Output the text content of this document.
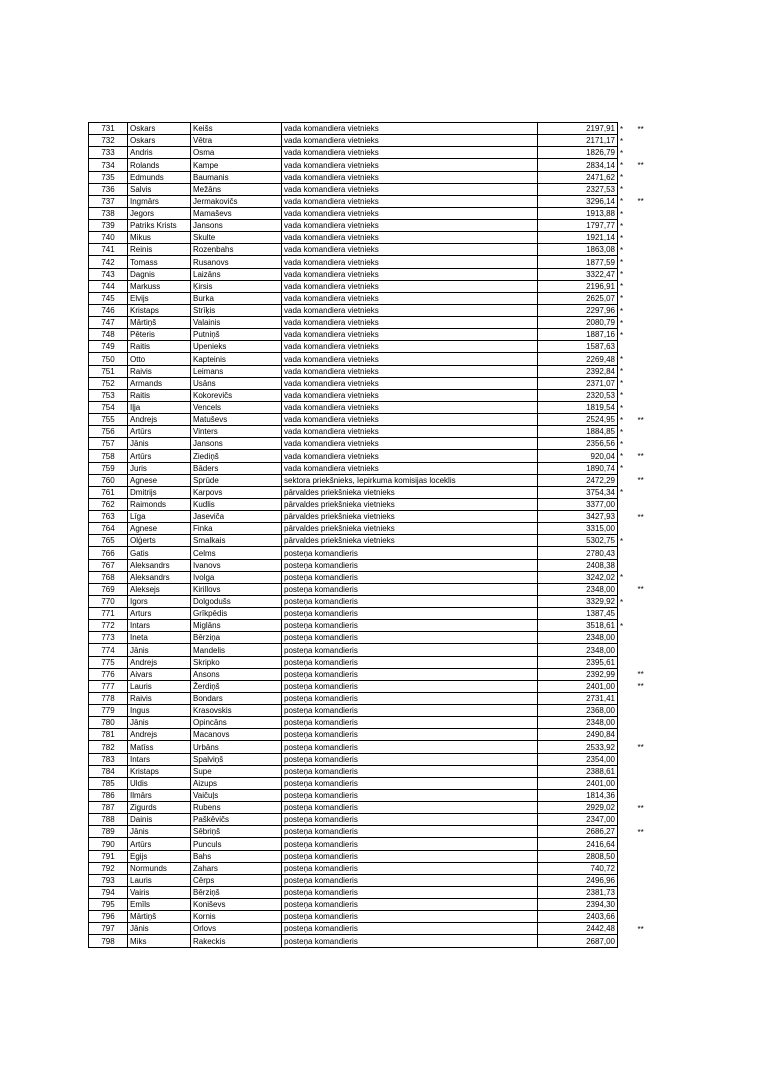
731	Oskars	Keišs	vada komandiera vietnieks	2197,91	*	**
732	Oskars	Vētra	vada komandiera vietnieks	2171,17	*	
733	Andris	Osma	vada komandiera vietnieks	1826,79	*	
734	Rolands	Kampe	vada komandiera vietnieks	2834,14	*	**
735	Edmunds	Baumanis	vada komandiera vietnieks	2471,62	*	
736	Salvis	Mežāns	vada komandiera vietnieks	2327,53	*	
737	Ingmārs	Jermakovičs	vada komandiera vietnieks	3296,14	*	**
738	Jegors	Mamaševs	vada komandiera vietnieks	1913,88	*	
739	Patriks Krists	Jansons	vada komandiera vietnieks	1797,77	*	
740	Mikus	Skulte	vada komandiera vietnieks	1921,14	*	
741	Reinis	Rozenbahs	vada komandiera vietnieks	1863,08	*	
742	Tomass	Rusanovs	vada komandiera vietnieks	1877,59	*	
743	Dagnis	Laizāns	vada komandiera vietnieks	3322,47	*	
744	Markuss	Ķirsis	vada komandiera vietnieks	2196,91	*	
745	Elvijs	Burka	vada komandiera vietnieks	2625,07	*	
746	Kristaps	Strīķis	vada komandiera vietnieks	2297,96	*	
747	Mārtiņš	Valainis	vada komandiera vietnieks	2080,79	*	
748	Pēteris	Putniņš	vada komandiera vietnieks	1887,16	*	
749	Raitis	Upenieks	vada komandiera vietnieks	1587,63		
750	Otto	Kapteinis	vada komandiera vietnieks	2269,48	*	
751	Raivis	Leimans	vada komandiera vietnieks	2392,84	*	
752	Armands	Usāns	vada komandiera vietnieks	2371,07	*	
753	Raitis	Kokorevičs	vada komandiera vietnieks	2320,53	*	
754	Iļja	Vencels	vada komandiera vietnieks	1819,54	*	
755	Andrejs	Matuševs	vada komandiera vietnieks	2524,95	*	**
756	Artūrs	Vinters	vada komandiera vietnieks	1884,85	*	
757	Jānis	Jansons	vada komandiera vietnieks	2356,56	*	
758	Artūrs	Ziediņš	vada komandiera vietnieks	920,04	*	**
759	Juris	Bāders	vada komandiera vietnieks	1890,74	*	
760	Agnese	Sprūde	sektora priekšnieks, Iepirkuma komisijas loceklis	2472,29		**
761	Dmitrijs	Karpovs	pārvaldes priekšnieka vietnieks	3754,34	*	
762	Raimonds	Kudlis	pārvaldes priekšnieka vietnieks	3377,00		
763	Līga	Jaseviča	pārvaldes priekšnieka vietnieks	3427,93		**
764	Agnese	Finka	pārvaldes priekšnieka vietnieks	3315,00		
765	Olģerts	Smalkais	pārvaldes priekšnieka vietnieks	5302,75	*	
766	Gatis	Celms	posteņa komandieris	2780,43		
767	Aleksandrs	Ivanovs	posteņa komandieris	2408,38		
768	Aleksandrs	Ivolga	posteņa komandieris	3242,02	*	
769	Aleksejs	Kirillovs	posteņa komandieris	2348,00		**
770	Igors	Dolgodušs	posteņa komandieris	3329,92	*	
771	Arturs	Grīkpēdis	posteņa komandieris	1387,45		
772	Intars	Miglāns	posteņa komandieris	3518,61	*	
773	Ineta	Bērziņa	posteņa komandieris	2348,00		
774	Jānis	Mandelis	posteņa komandieris	2348,00		
775	Andrejs	Skripko	posteņa komandieris	2395,61		
776	Aivars	Ansons	posteņa komandieris	2392,99		**
777	Lauris	Žerdiņš	posteņa komandieris	2401,00		**
778	Raivis	Bondars	posteņa komandieris	2731,41		
779	Ingus	Krasovskis	posteņa komandieris	2368,00		
780	Jānis	Opincāns	posteņa komandieris	2348,00		
781	Andrejs	Macanovs	posteņa komandieris	2490,84		
782	Matīss	Urbāns	posteņa komandieris	2533,92		**
783	Intars	Spalviņš	posteņa komandieris	2354,00		
784	Kristaps	Supe	posteņa komandieris	2388,61		
785	Uldis	Aizups	posteņa komandieris	2401,00		
786	Ilmārs	Vaičuļs	posteņa komandieris	1814,36		
787	Zigurds	Rubens	posteņa komandieris	2929,02		**
788	Dainis	Paškēvičs	posteņa komandieris	2347,00		
789	Jānis	Sēbriņš	posteņa komandieris	2686,27		**
790	Artūrs	Punculs	posteņa komandieris	2416,64		
791	Egijs	Bahs	posteņa komandieris	2808,50		
792	Normunds	Zahars	posteņa komandieris	740,72		
793	Lauris	Cērps	posteņa komandieris	2496,96		
794	Vairis	Bērziņš	posteņa komandieris	2381,73		
795	Emīls	Koniševs	posteņa komandieris	2394,30		
796	Mārtiņš	Kornis	posteņa komandieris	2403,66		
797	Jānis	Orlovs	posteņa komandieris	2442,48		**
798	Miks	Rakeckis	posteņa komandieris	2687,00		
